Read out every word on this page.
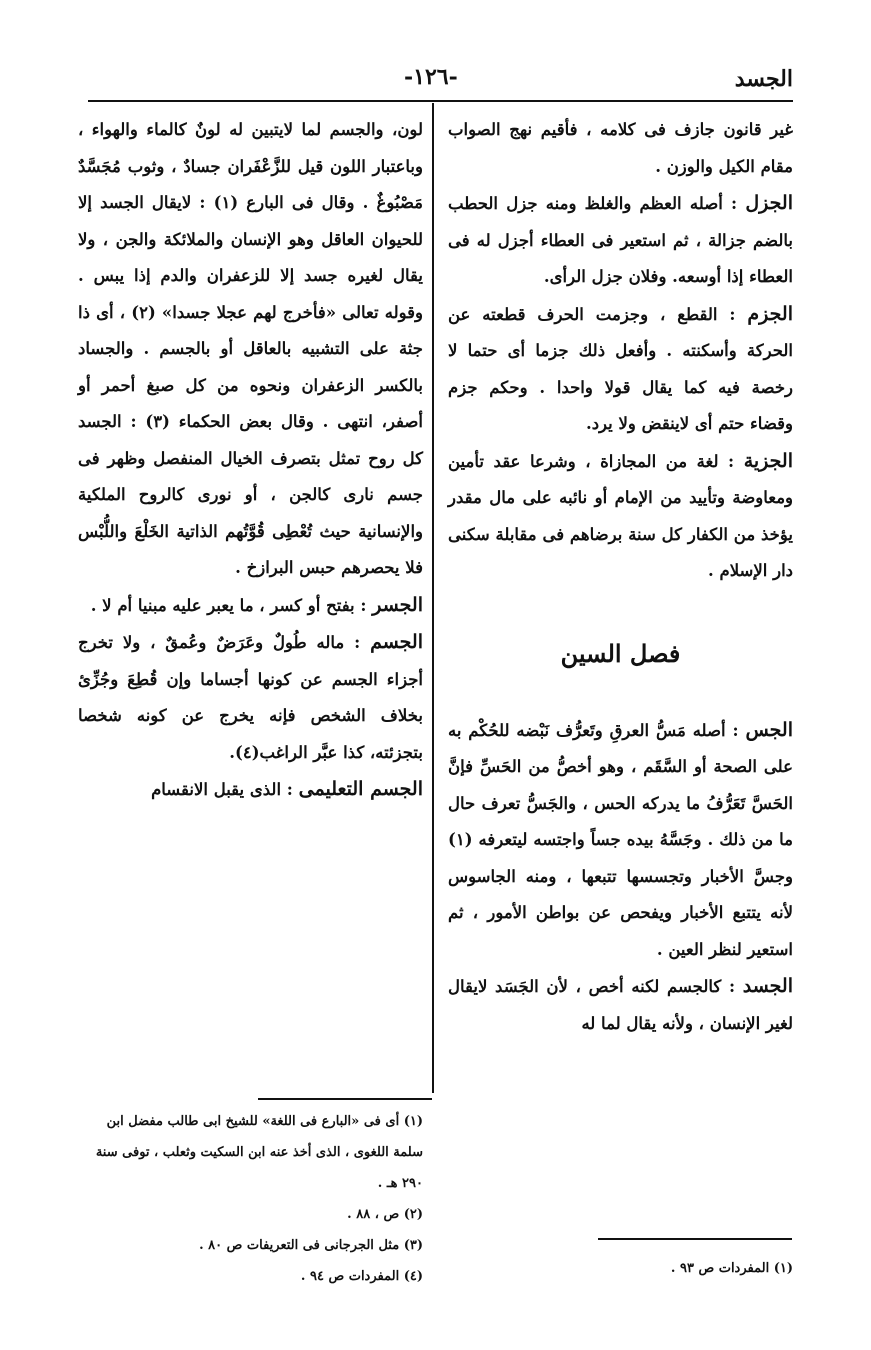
الجسد
-١٢٦-

غير قانون جازف فى كلامه ، فأقيم نهج الصواب مقام الكيل والوزن .

الجزل : أصله العظم والغلظ ومنه جزل الحطب بالضم جزالة ، ثم استعير فى العطاء أجزل له فى العطاء إذا أوسعه. وفلان جزل الرأى.

الجزم : القطع ، وجزمت الحرف قطعته عن الحركة وأسكنته . وأفعل ذلك جزما أى حتما لا رخصة فيه كما يقال قولا واحدا . وحكم جزم وقضاء حتم أى لاينقض ولا يرد.

الجزية : لغة من المجازاة ، وشرعا عقد تأمين ومعاوضة وتأييد من الإمام أو نائبه على مال مقدر يؤخذ من الكفار كل سنة برضاهم فى مقابلة سكنى دار الإسلام .

فصل السين

الجس : أصله مَسُّ العرقِ وتَعرُّف نَبْضه للحُكْم به على الصحة أو السَّقَم ، وهو أخصُّ من الحَسِّ فإنَّ الحَسَّ تَعَرُّفُ ما يدركه الحس ، والجَسُّ تعرف حال ما من ذلك . وجَسَّهُ بيده جساً واجتسه ليتعرفه (١) وجسَّ الأخبار وتجسسها تتبعها ، ومنه الجاسوس لأنه يتتبع الأخبار ويفحص عن بواطن الأمور ، ثم استعير لنظر العين .

الجسد : كالجسم لكنه أخص ، لأن الجَسَد لايقال لغير الإنسان ، ولأنه يقال لما له

لون، والجسم لما لايتبين له لونٌ كالماء والهواء ، وباعتبار اللون قيل للزَّعْفَران جسادٌ ، وثوب مُجَسَّدٌ مَصْبُوغٌ . وقال فى البارع (١) : لايقال الجسد إلا للحيوان العاقل وهو الإنسان والملائكة والجن ، ولا يقال لغيره جسد إلا للزعفران والدم إذا يبس . وقوله تعالى «فأخرج لهم عجلا جسدا» (٢) ، أى ذا جثة على التشبيه بالعاقل أو بالجسم . والجساد بالكسر الزعفران ونحوه من كل صبغ أحمر أو أصفر، انتهى . وقال بعض الحكماء (٣) : الجسد كل روح تمثل بتصرف الخيال المنفصل وظهر فى جسم نارى كالجن ، أو نورى كالروح الملكية والإنسانية حيث تُعْطِى قُوَّتُهم الذاتية الخَلْعَ واللُّبْس فلا يحصرهم حبس البرازخ .

الجسر : بفتح أو كسر ، ما يعبر عليه مبنيا أم لا .

الجسم : ماله طُولٌ وعَرَضٌ وعُمقٌ ، ولا تخرج أجزاء الجسم عن كونها أجساما وإن قُطِعَ وجُزِّئ بخلاف الشخص فإنه يخرج عن كونه شخصا بتجزئته، كذا عبَّر الراغب(٤).

الجسم التعليمى : الذى يقبل الانقسام

(١) أى فى «البارع فى اللغة» للشيخ ابى طالب مفضل ابن سلمة اللغوى ، الذى أخذ عنه ابن السكيت وثعلب ، توفى سنة ٢٩٠ هـ .

(٢) ص ، ٨٨ .

(٣) مثل الجرجانى فى التعريفات ص ٨٠ .

(٤) المفردات ص ٩٤ .

(١) المفردات ص ٩٣ .
